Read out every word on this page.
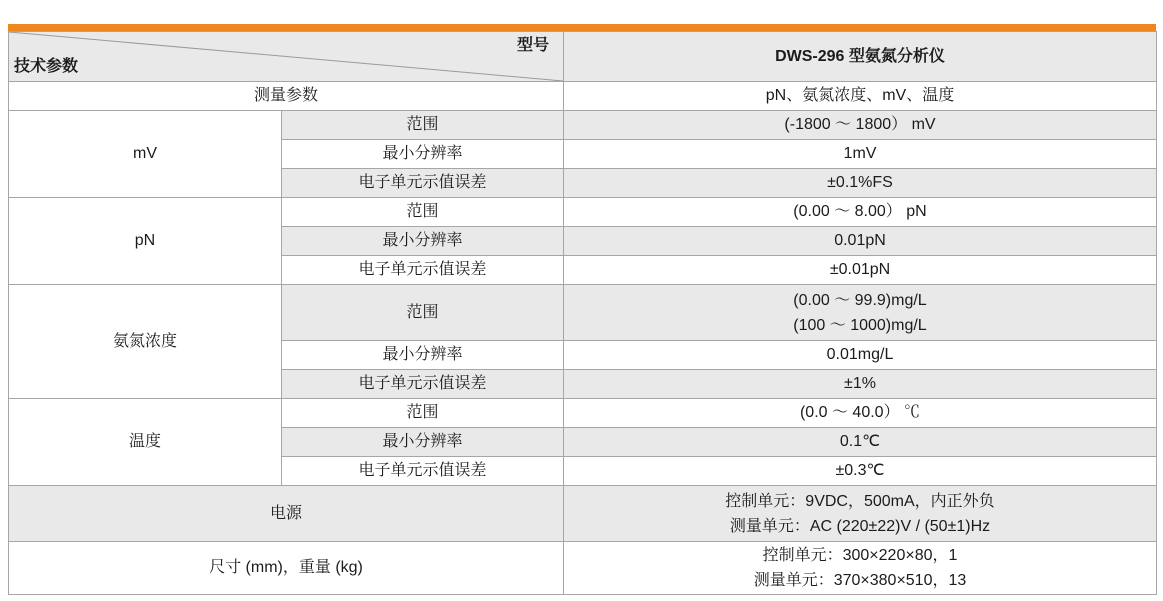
型号
技术参数		DWS-296 型氨氮分析仪
测量参数		pN、氨氮浓度、mV、温度
mV	范围	(-1800 ～ 1800） mV
	最小分辨率	1mV
	电子单元示值误差	±0.1%FS
pN	范围	(0.00 ～ 8.00） pN
	最小分辨率	0.01pN
	电子单元示值误差	±0.01pN
氨氮浓度	范围	(0.00 ～ 99.9)mg/L
(100 ～ 1000)mg/L

	最小分辨率	0.01mg/L
	电子单元示值误差	±1%
温度	范围	(0.0 ～ 40.0） ℃
	最小分辨率	0.1℃
	电子单元示值误差	±0.3℃
电源		控制单元：9VDC，500mA，内正外负
测量单元：AC (220±22)V / (50±1)Hz

尺寸 (mm)，重量 (kg)		控制单元：300×220×80，1
测量单元：370×380×510，13
